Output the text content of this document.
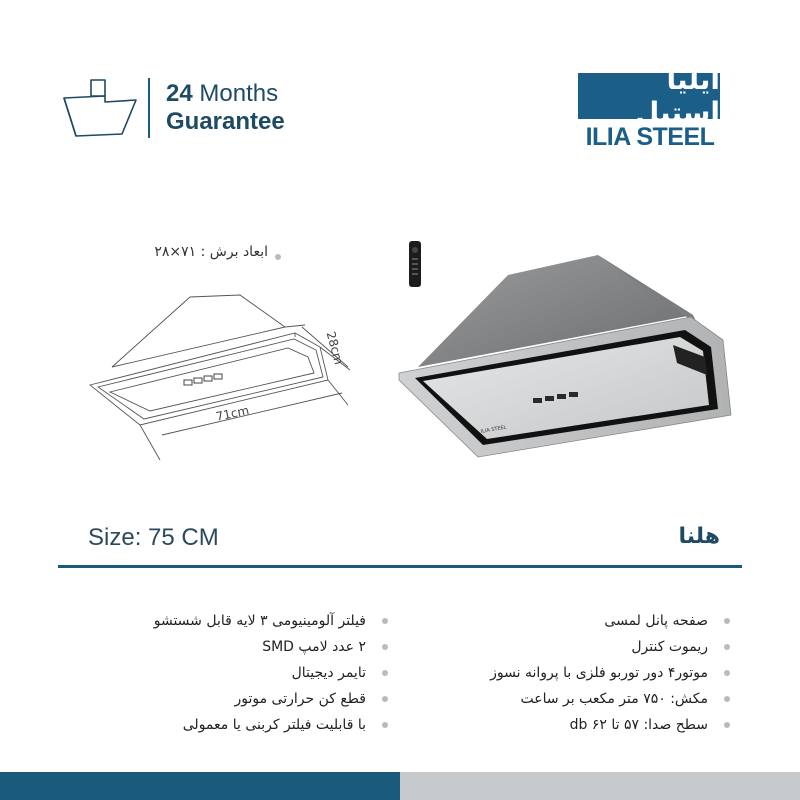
24 Months
Guarantee
ایلیا استیل
ILIA STEEL
ابعاد برش : ۷۱×۲۸
71cm
28cm
ILIA STEEL
Size: 75 CM	هلنا
صفحه پانل لمسی
ریموت کنترل
موتور۴ دور توربو فلزی با پروانه نسوز
مکش: ۷۵۰ متر مکعب بر ساعت
سطح صدا: ۵۷ تا ۶۲ db
فیلتر آلومینیومی ۳ لایه قابل شستشو
۲ عدد لامپ SMD
تایمر دیجیتال
قطع کن حرارتی موتور
با قابلیت فیلتر کربنی یا معمولی
